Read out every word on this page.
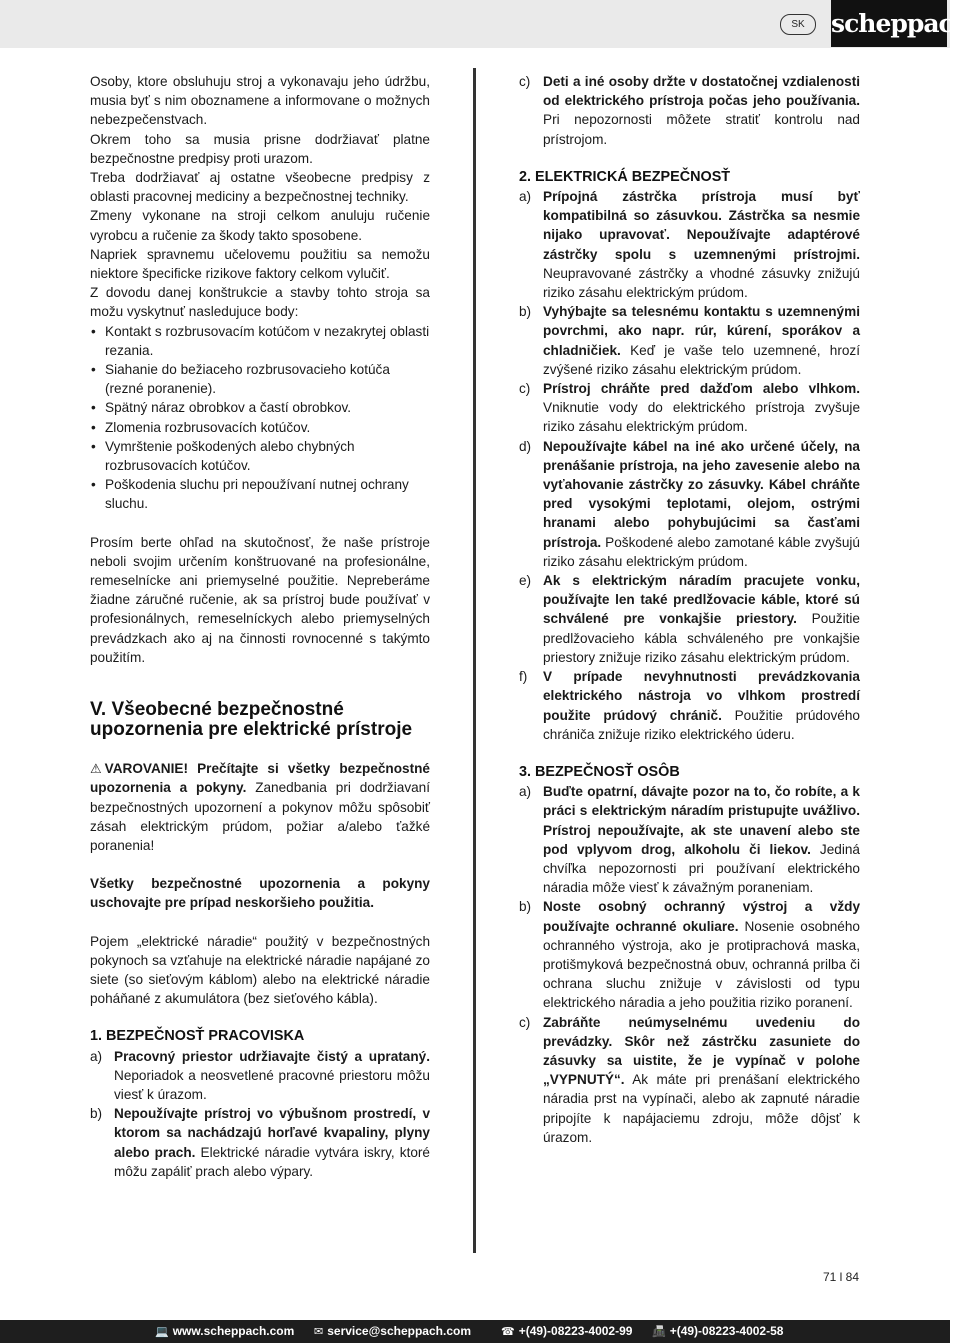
SK	scheppach

Osoby, ktore obsluhuju stroj a vykonavaju jeho údržbu, musia byť s nim oboznamene a informovane o možnych nebezpečenstvach.
Okrem toho sa musia prisne dodržiavať platne bezpečnostne predpisy proti urazom.
Treba dodržiavať aj ostatne všeobecne predpisy z oblasti pracovnej mediciny a bezpečnostnej techniky.
Zmeny vykonane na stroji celkom anuluju ručenie vyrobcu a ručenie za škody takto sposobene.
Napriek spravnemu učelovemu použitiu sa nemožu niektore špecificke rizikove faktory celkom vylučiť.
Z dovodu danej konštrukcie a stavby tohto stroja sa možu vyskytnuť nasledujuce body:

• Kontakt s rozbrusovacím kotúčom v nezakrytej oblasti rezania.
• Siahanie do bežiaceho rozbrusovacieho kotúča (rezné poranenie).
• Spätný náraz obrobkov a častí obrobkov.
• Zlomenia rozbrusovacích kotúčov.
• Vymrštenie poškodených alebo chybných rozbrusovacích kotúčov.
• Poškodenia sluchu pri nepoužívaní nutnej ochrany sluchu.

Prosím berte ohľad na skutočnosť, že naše prístroje neboli svojim určením konštruované na profesionálne, remeselnícke ani priemyselné použitie. Nepreberáme žiadne záručné ručenie, ak sa prístroj bude používať v profesionálnych, remeselníckych alebo priemyselných prevádzkach ako aj na činnosti rovnocenné s takýmto použitím.

V. Všeobecné bezpečnostné upozornenia pre elektrické prístroje

⚠ VAROVANIE! Prečítajte si všetky bezpečnostné upozornenia a pokyny. Zanedbania pri dodržiavaní bezpečnostných upozornení a pokynov môžu spôsobiť zásah elektrickým prúdom, požiar a/alebo ťažké poranenia!

Všetky bezpečnostné upozornenia a pokyny uschovajte pre prípad neskoršieho použitia.

Pojem „elektrické náradie“ použitý v bezpečnostných pokynoch sa vzťahuje na elektrické náradie napájané zo siete (so sieťovým káblom) alebo na elektrické náradie poháňané z akumulátora (bez sieťového kábla).

1. BEZPEČNOSŤ PRACOVISKA
a) Pracovný priestor udržiavajte čistý a uprataný. Neporiadok a neosvetlené pracovné priestoru môžu viesť k úrazom.
b) Nepoužívajte prístroj vo výbušnom prostredí, v ktorom sa nachádzajú horľavé kvapaliny, plyny alebo prach. Elektrické náradie vytvára iskry, ktoré môžu zapáliť prach alebo výpary.
c) Deti a iné osoby držte v dostatočnej vzdialenosti od elektrického prístroja počas jeho používania. Pri nepozornosti môžete stratiť kontrolu nad prístrojom.
2. ELEKTRICKÁ BEZPEČNOSŤ
a) Prípojná zástrčka prístroja musí byť kompatibilná so zásuvkou. Zástrčka sa nesmie nijako upravovať. Nepoužívajte adaptérové zástrčky spolu s uzemnenými prístrojmi. Neupravované zástrčky a vhodné zásuvky znižujú riziko zásahu elektrickým prúdom.
b) Vyhýbajte sa telesnému kontaktu s uzemnenými povrchmi, ako napr. rúr, kúrení, sporákov a chladničiek. Keď je vaše telo uzemnené, hrozí zvýšené riziko zásahu elektrickým prúdom.
c) Prístroj chráňte pred dažďom alebo vlhkom. Vniknutie vody do elektrického prístroja zvyšuje riziko zásahu elektrickým prúdom.
d) Nepoužívajte kábel na iné ako určené účely, na prenášanie prístroja, na jeho zavesenie alebo na vyťahovanie zástrčky zo zásuvky. Kábel chráňte pred vysokými teplotami, olejom, ostrými hranami alebo pohybujúcimi sa časťami prístroja. Poškodené alebo zamotané káble zvyšujú riziko zásahu elektrickým prúdom.
e) Ak s elektrickým náradím pracujete vonku, používajte len také predlžovacie káble, ktoré sú schválené pre vonkajšie priestory. Použitie predlžovacieho kábla schváleného pre vonkajšie priestory znižuje riziko zásahu elektrickým prúdom.
f) V prípade nevyhnutnosti prevádzkovania elektrického nástroja vo vlhkom prostredí použite prúdový chránič. Použitie prúdového chrániča znižuje riziko elektrického úderu.
3. BEZPEČNOSŤ OSÔB
a) Buďte opatrní, dávajte pozor na to, čo robíte, a k práci s elektrickým náradím pristupujte uvážlivo. Prístroj nepoužívajte, ak ste unavení alebo ste pod vplyvom drog, alkoholu či liekov. Jediná chvíľka nepozornosti pri používaní elektrického náradia môže viesť k závažným poraneniam.
b) Noste osobný ochranný výstroj a vždy používajte ochranné okuliare. Nosenie osobného ochranného výstroja, ako je protiprachová maska, protišmyková bezpečnostná obuv, ochranná prilba či ochrana sluchu znižuje v závislosti od typu elektrického náradia a jeho použitia riziko poranení.
c) Zabráňte neúmyselnému uvedeniu do prevádzky. Skôr než zástrčku zasuniete do zásuvky sa uistite, že je vypínač v polohe „VYPNUTÝ“. Ak máte pri prenášaní elektrického náradia prst na vypínači, alebo ak zapnuté náradie pripojíte k napájaciemu zdroju, môže dôjsť k úrazom.
71 l 84
💻 www.scheppach.com ✉ service@scheppach.com	☎ +(49)-08223-4002-99 📠 +(49)-08223-4002-58
